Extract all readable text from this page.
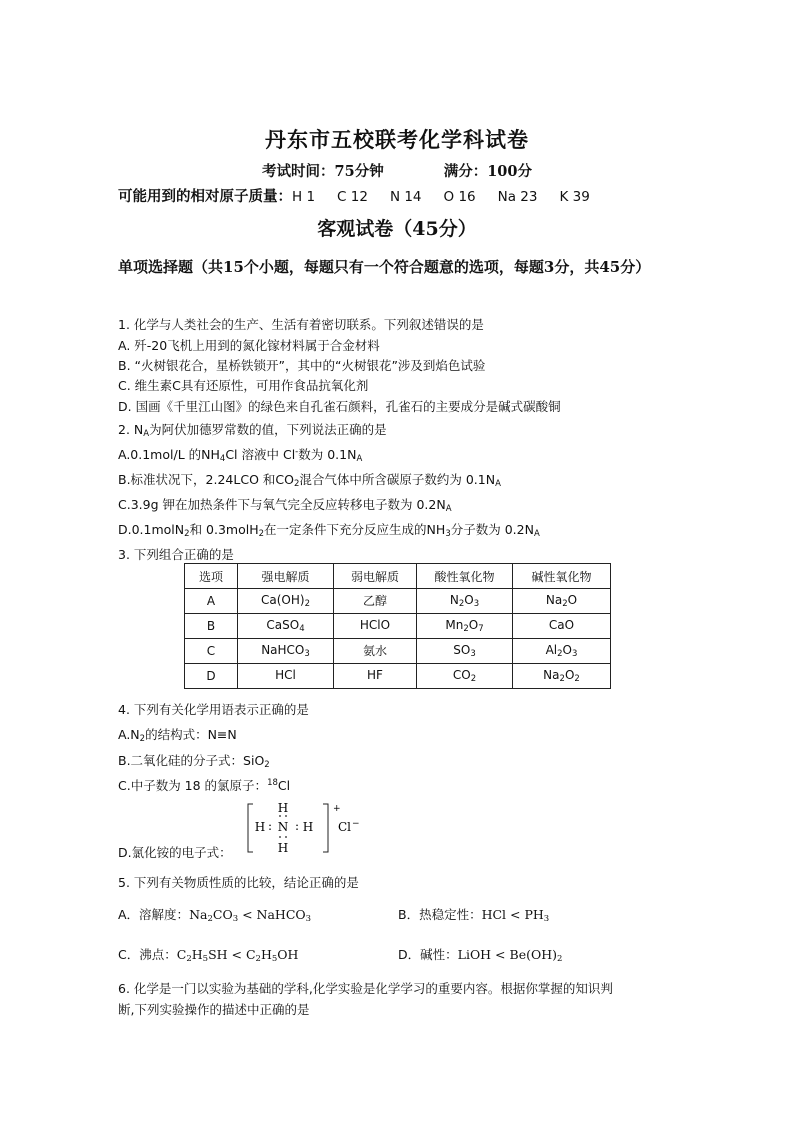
丹东市五校联考化学科试卷
考试时间：75分钟	满分：100分
可能用到的相对原子质量：H 1 C 12 N 14 O 16 Na 23 K 39
客观试卷（45分）
单项选择题（共15个小题，每题只有一个符合题意的选项，每题3分，共45分）
1. 化学与人类社会的生产、生活有着密切联系。下列叙述错误的是
A. 歼-20飞机上用到的氮化镓材料属于合金材料
B. “火树银花合，星桥铁锁开”，其中的“火树银花”涉及到焰色试验
C. 维生素C具有还原性，可用作食品抗氧化剂
D. 国画《千里江山图》的绿色来自孔雀石颜料，孔雀石的主要成分是碱式碳酸铜
2. $N_A$为阿伏加德罗常数的值，下列说法正确的是
A.0.1mol/L 的$NH_4Cl$ 溶液中 Cl-数为 $0.1N_A$
B.标准状况下，2.24LCO 和$CO_2$混合气体中所含碳原子数约为 $0.1N_A$
C.3.9g 钾在加热条件下与氧气完全反应转移电子数为 $0.2N_A$
D.0.1molN$_2$和 0.3molH$_2$在一定条件下充分反应生成的$NH_3$分子数为 $0.2N_A$
3. 下列组合正确的是
选项	强电解质	弱电解质	酸性氧化物	碱性氧化物
A	$Ca(OH)_2$	乙醇	$N_2O_3$	$Na_2O$
B	CaSO$_4$	HClO	$Mn_2O_7$	CaO
C	NaHCO$_3$	氨水	$SO_3$	$Al_2O_3$
D	HCl	HF	$CO_2$	$Na_2O_2$
4. 下列有关化学用语表示正确的是
$A.N_2$的结构式：N≡N
B.二氧化硅的分子式：SiO$_2$
C.中子数为 18 的氯原子：$^{18}$Cl
D.氯化铵的电子式：
H
N
H
H	H
: :
+
Cl −
5. 下列有关物质性质的比较，结论正确的是
A．溶解度：$Na_2CO_3$ < NaHCO$_3$	B．热稳定性：HCl < $PH_3$
C．沸点：$C_2H_5SH < C_2H_5OH$	D．碱性：LiOH < $Be(OH)_2$
6. 化学是一门以实验为基础的学科,化学实验是化学学习的重要内容。根据你掌握的知识判
断,下列实验操作的描述中正确的是
